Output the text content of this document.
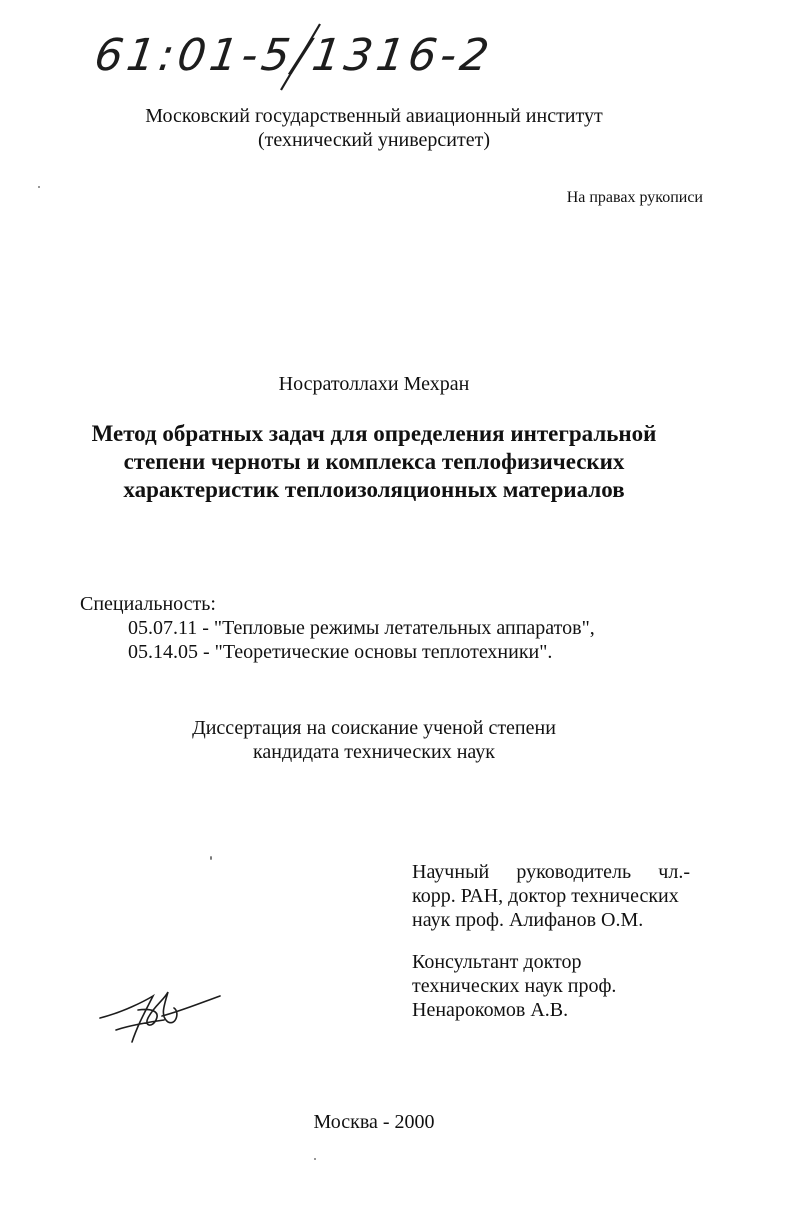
61:01-5/1316-2
Московский государственный авиационный институт
(технический университет)
На правах рукописи
Носратоллахи Мехран
Метод обратных задач для определения интегральной
степени черноты и комплекса теплофизических
характеристик теплоизоляционных материалов
Специальность:
05.07.11 - "Тепловые режимы летательных аппаратов",
05.14.05 - "Теоретические основы теплотехники".
Диссертация на соискание ученой степени
кандидата технических наук
Научный руководитель чл.-
корр. РАН, доктор технических
наук проф. Алифанов О.М.
Консультант доктор
технических наук проф.
Ненарокомов А.В.
Москва - 2000
